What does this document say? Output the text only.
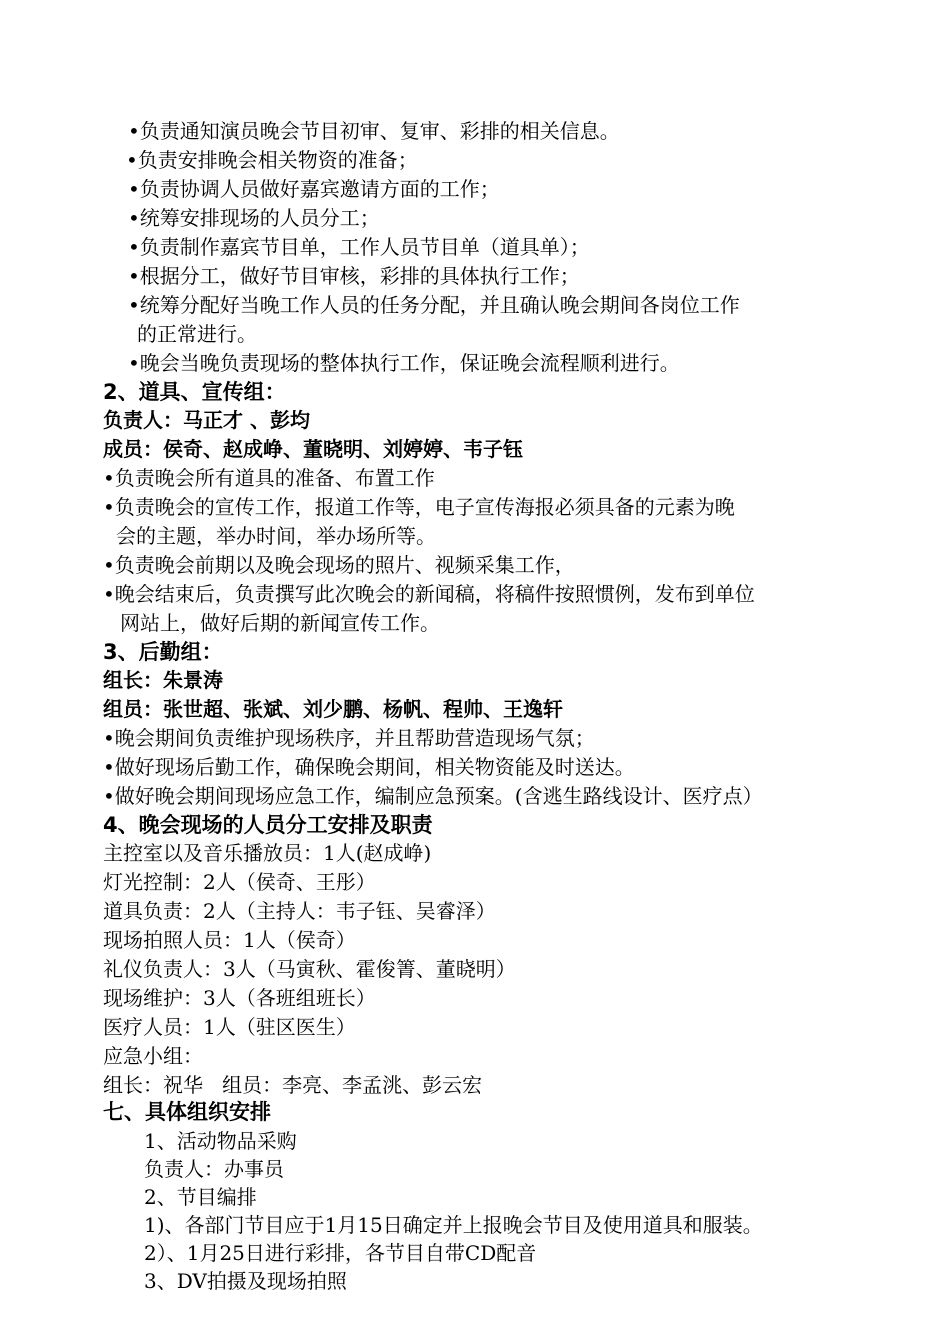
•负责通知演员晚会节目初审、复审、彩排的相关信息。
•负责安排晚会相关物资的准备；
•负责协调人员做好嘉宾邀请方面的工作；
•统筹安排现场的人员分工；
•负责制作嘉宾节目单，工作人员节目单（道具单）；
•根据分工，做好节目审核，彩排的具体执行工作；
•统筹分配好当晚工作人员的任务分配，并且确认晚会期间各岗位工作
的正常进行。
•晚会当晚负责现场的整体执行工作，保证晚会流程顺利进行。
2、道具、宣传组：
负责人：马正才 、彭均
成员：侯奇、赵成峥、董晓明、刘婷婷、韦子钰
•负责晚会所有道具的准备、布置工作
•负责晚会的宣传工作，报道工作等，电子宣传海报必须具备的元素为晚
会的主题，举办时间，举办场所等。
•负责晚会前期以及晚会现场的照片、视频采集工作，
•晚会结束后，负责撰写此次晚会的新闻稿，将稿件按照惯例，发布到单位
网站上，做好后期的新闻宣传工作。
3、后勤组：
组长：朱景涛
组员：张世超、张斌、刘少鹏、杨帆、程帅、王逸轩
•晚会期间负责维护现场秩序，并且帮助营造现场气氛；
•做好现场后勤工作，确保晚会期间，相关物资能及时送达。
•做好晚会期间现场应急工作，编制应急预案。(含逃生路线设计、医疗点）
4、晚会现场的人员分工安排及职责
主控室以及音乐播放员：1人(赵成峥)
灯光控制：2人（侯奇、王彤）
道具负责：2人（主持人：韦子钰、吴睿泽）
现场拍照人员：1人（侯奇）
礼仪负责人：3人（马寅秋、霍俊箐、董晓明）
现场维护：3人（各班组班长）
医疗人员：1人（驻区医生）
应急小组：
组长：祝华   组员：李亮、李孟洮、彭云宏
七、具体组织安排
1、活动物品采购
负责人：办事员
2、节目编排
1)、各部门节目应于1月15日确定并上报晚会节目及使用道具和服装。
2）、1月25日进行彩排，各节目自带CD配音
3、DV拍摄及现场拍照
